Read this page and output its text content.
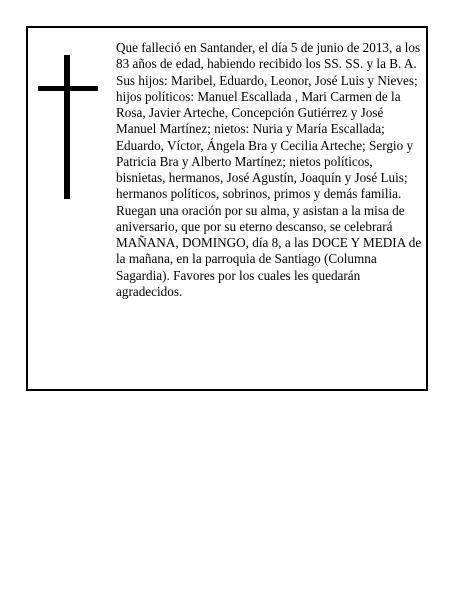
Que falleció en Santander, el día 5 de junio de 2013, a los 83 años de edad, habiendo recibido los SS. SS. y la B. A.

Sus hijos: Maribel, Eduardo, Leonor, José Luis y Nieves; hijos políticos: Manuel Escallada , Mari Carmen de la Rosa, Javier Arteche, Concepción Gutiérrez y José Manuel Martínez; nietos: Nuria y María Escallada; Eduardo, Víctor, Ángela Bra y Cecilia Arteche; Sergio y Patricia Bra y Alberto Martínez; nietos políticos, bisnietas, hermanos, José Agustín, Joaquín y José Luis; hermanos políticos, sobrinos, primos y demás familia.

Ruegan una oración por su alma, y asistan a la misa de aniversario, que por su eterno descanso, se celebrará MAÑANA, DOMINGO, día 8, a las DOCE Y MEDIA de la mañana, en la parroquia de Santiago (Columna Sagardia). Favores por los cuales les quedarán agradecidos.
